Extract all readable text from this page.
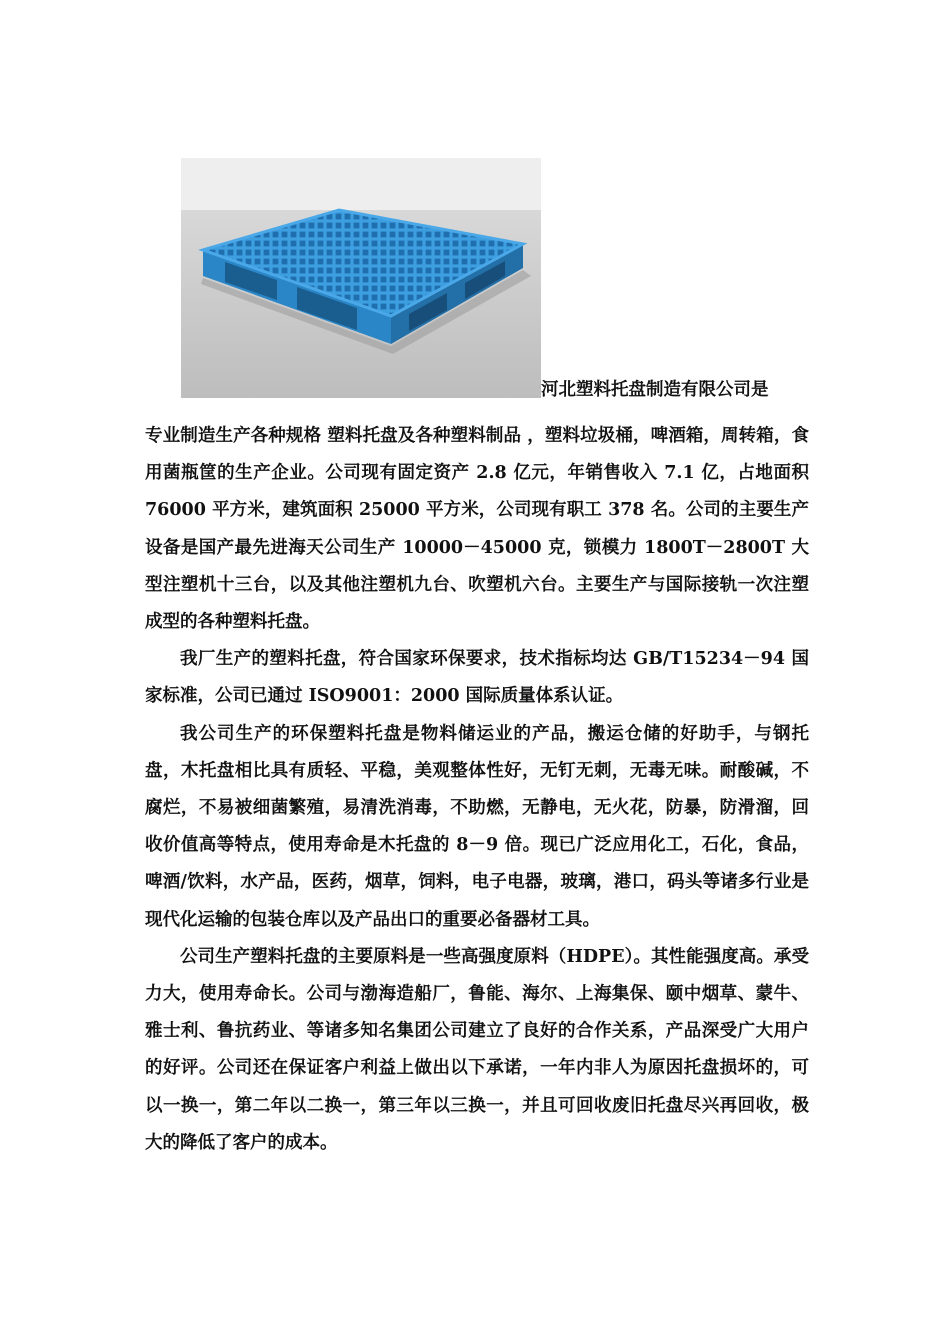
河北塑料托盘制造有限公司是

专业制造生产各种规格 塑料托盘及各种塑料制品 ，塑料垃圾桶，啤酒箱，周转箱，食用菌瓶筐的生产企业。公司现有固定资产 2.8 亿元，年销售收入 7.1 亿，占地面积 76000 平方米，建筑面积 25000 平方米，公司现有职工 378 名。公司的主要生产设备是国产最先进海天公司生产 10000－45000 克，锁模力 1800T－2800T 大型注塑机十三台，以及其他注塑机九台、吹塑机六台。主要生产与国际接轨一次注塑成型的各种塑料托盘。

我厂生产的塑料托盘，符合国家环保要求，技术指标均达 GB/T15234－94 国家标准，公司已通过 ISO9001：2000 国际质量体系认证。

我公司生产的环保塑料托盘是物料储运业的产品，搬运仓储的好助手，与钢托盘，木托盘相比具有质轻、平稳，美观整体性好，无钉无刺，无毒无味。耐酸碱，不腐烂，不易被细菌繁殖，易清洗消毒，不助燃，无静电，无火花，防暴，防滑溜，回收价值高等特点，使用寿命是木托盘的 8－9 倍。现已广泛应用化工，石化，食品，啤酒/饮料，水产品，医药，烟草，饲料，电子电器，玻璃，港口，码头等诸多行业是现代化运输的包装仓库以及产品出口的重要必备器材工具。

公司生产塑料托盘的主要原料是一些高强度原料（HDPE）。其性能强度高。承受力大，使用寿命长。公司与渤海造船厂，鲁能、海尔、上海集保、颐中烟草、蒙牛、雅士利、鲁抗药业、等诸多知名集团公司建立了良好的合作关系，产品深受广大用户的好评。公司还在保证客户利益上做出以下承诺，一年内非人为原因托盘损坏的，可以一换一，第二年以二换一，第三年以三换一，并且可回收废旧托盘尽兴再回收，极大的降低了客户的成本。
